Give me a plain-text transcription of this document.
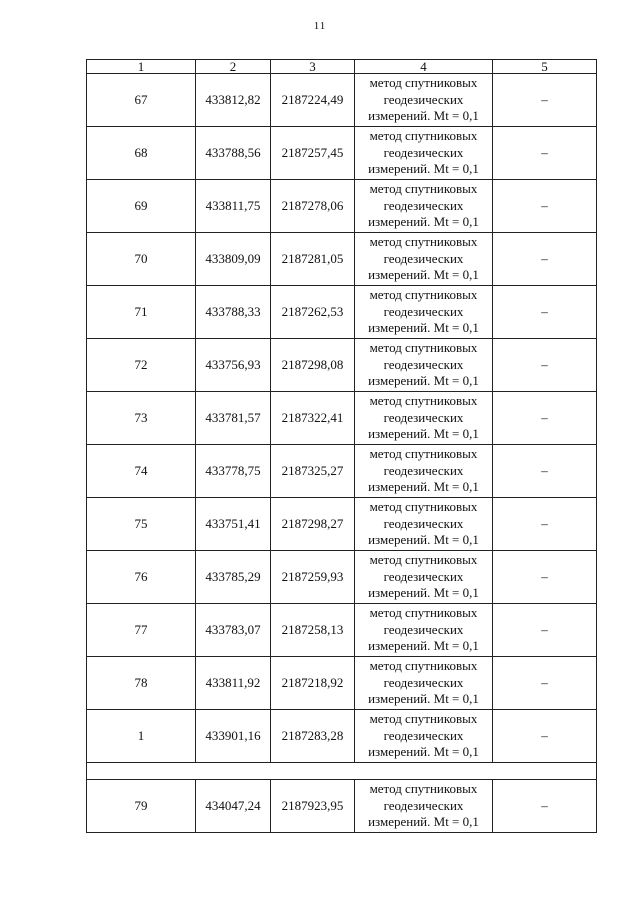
11
1	2	3	4	5
67	433812,82	2187224,49	метод спутниковых
геодезических
измерений. Mt = 0,1	–
68	433788,56	2187257,45	метод спутниковых
геодезических
измерений. Mt = 0,1	–
69	433811,75	2187278,06	метод спутниковых
геодезических
измерений. Mt = 0,1	–
70	433809,09	2187281,05	метод спутниковых
геодезических
измерений. Mt = 0,1	–
71	433788,33	2187262,53	метод спутниковых
геодезических
измерений. Mt = 0,1	–
72	433756,93	2187298,08	метод спутниковых
геодезических
измерений. Mt = 0,1	–
73	433781,57	2187322,41	метод спутниковых
геодезических
измерений. Mt = 0,1	–
74	433778,75	2187325,27	метод спутниковых
геодезических
измерений. Mt = 0,1	–
75	433751,41	2187298,27	метод спутниковых
геодезических
измерений. Mt = 0,1	–
76	433785,29	2187259,93	метод спутниковых
геодезических
измерений. Mt = 0,1	–
77	433783,07	2187258,13	метод спутниковых
геодезических
измерений. Mt = 0,1	–
78	433811,92	2187218,92	метод спутниковых
геодезических
измерений. Mt = 0,1	–
1	433901,16	2187283,28	метод спутниковых
геодезических
измерений. Mt = 0,1	–

79	434047,24	2187923,95	метод спутниковых
геодезических
измерений. Mt = 0,1	–
